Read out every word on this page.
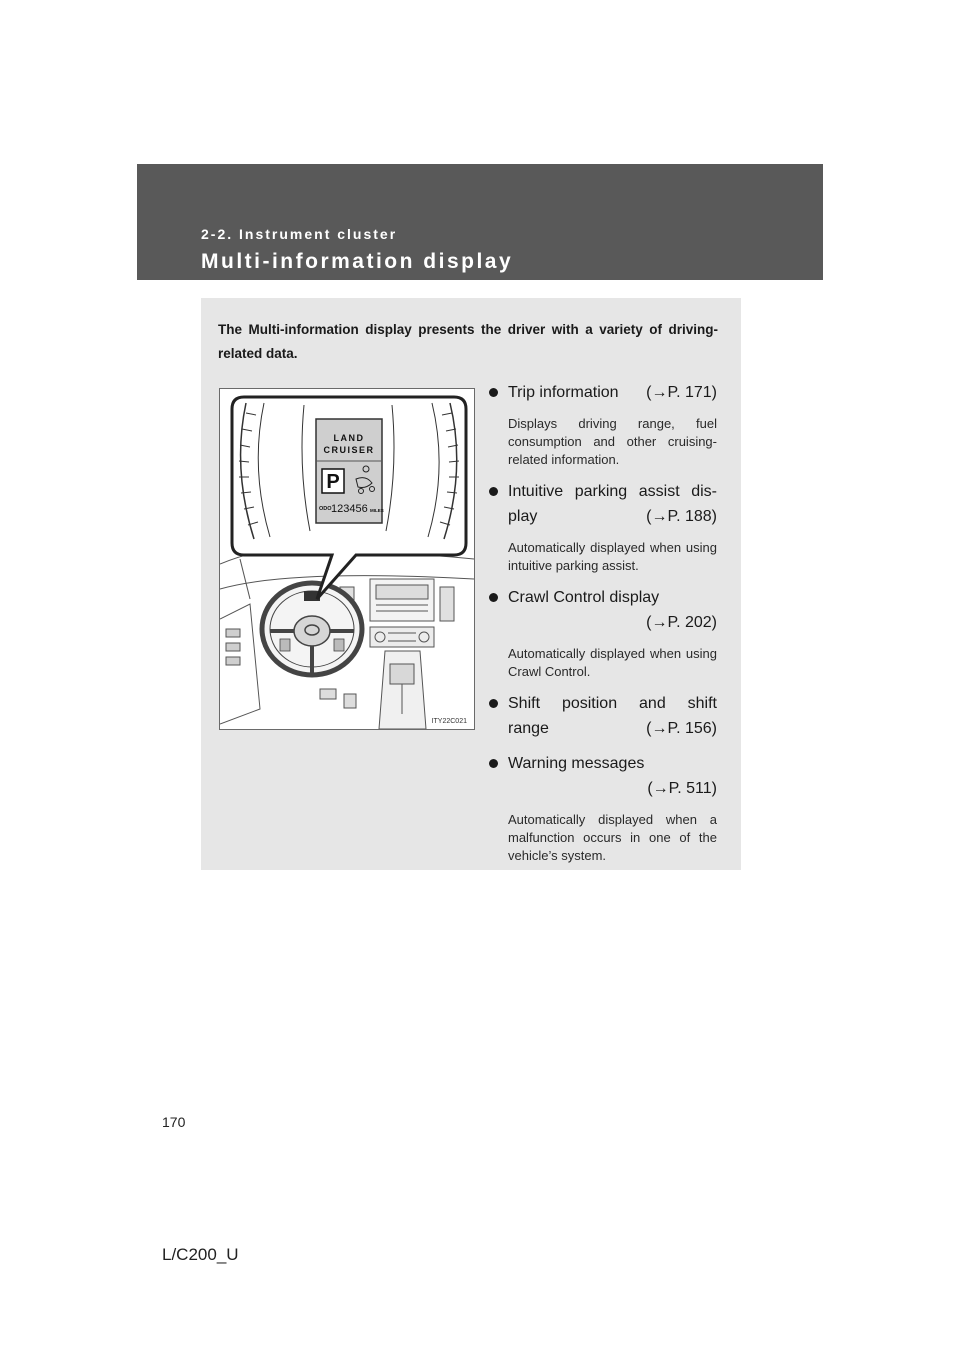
2-2. Instrument cluster
Multi-information display
The Multi-information display presents the driver with a variety of driving-related data.
LAND
CRUISER
P
ODO 123456 MILES
ITY22C021
Trip information (→P. 171)
Displays driving range, fuel consumption and other cruising-related information.
Intuitive parking assist dis-
play	(→P. 188)
Automatically displayed when using intuitive parking assist.
Crawl Control display
(→P. 202)
Automatically displayed when using Crawl Control.
Shift position and shift
range	(→P. 156)
Warning messages
(→P. 511)
Automatically displayed when a malfunction occurs in one of the vehicle’s system.
170
L/C200_U
